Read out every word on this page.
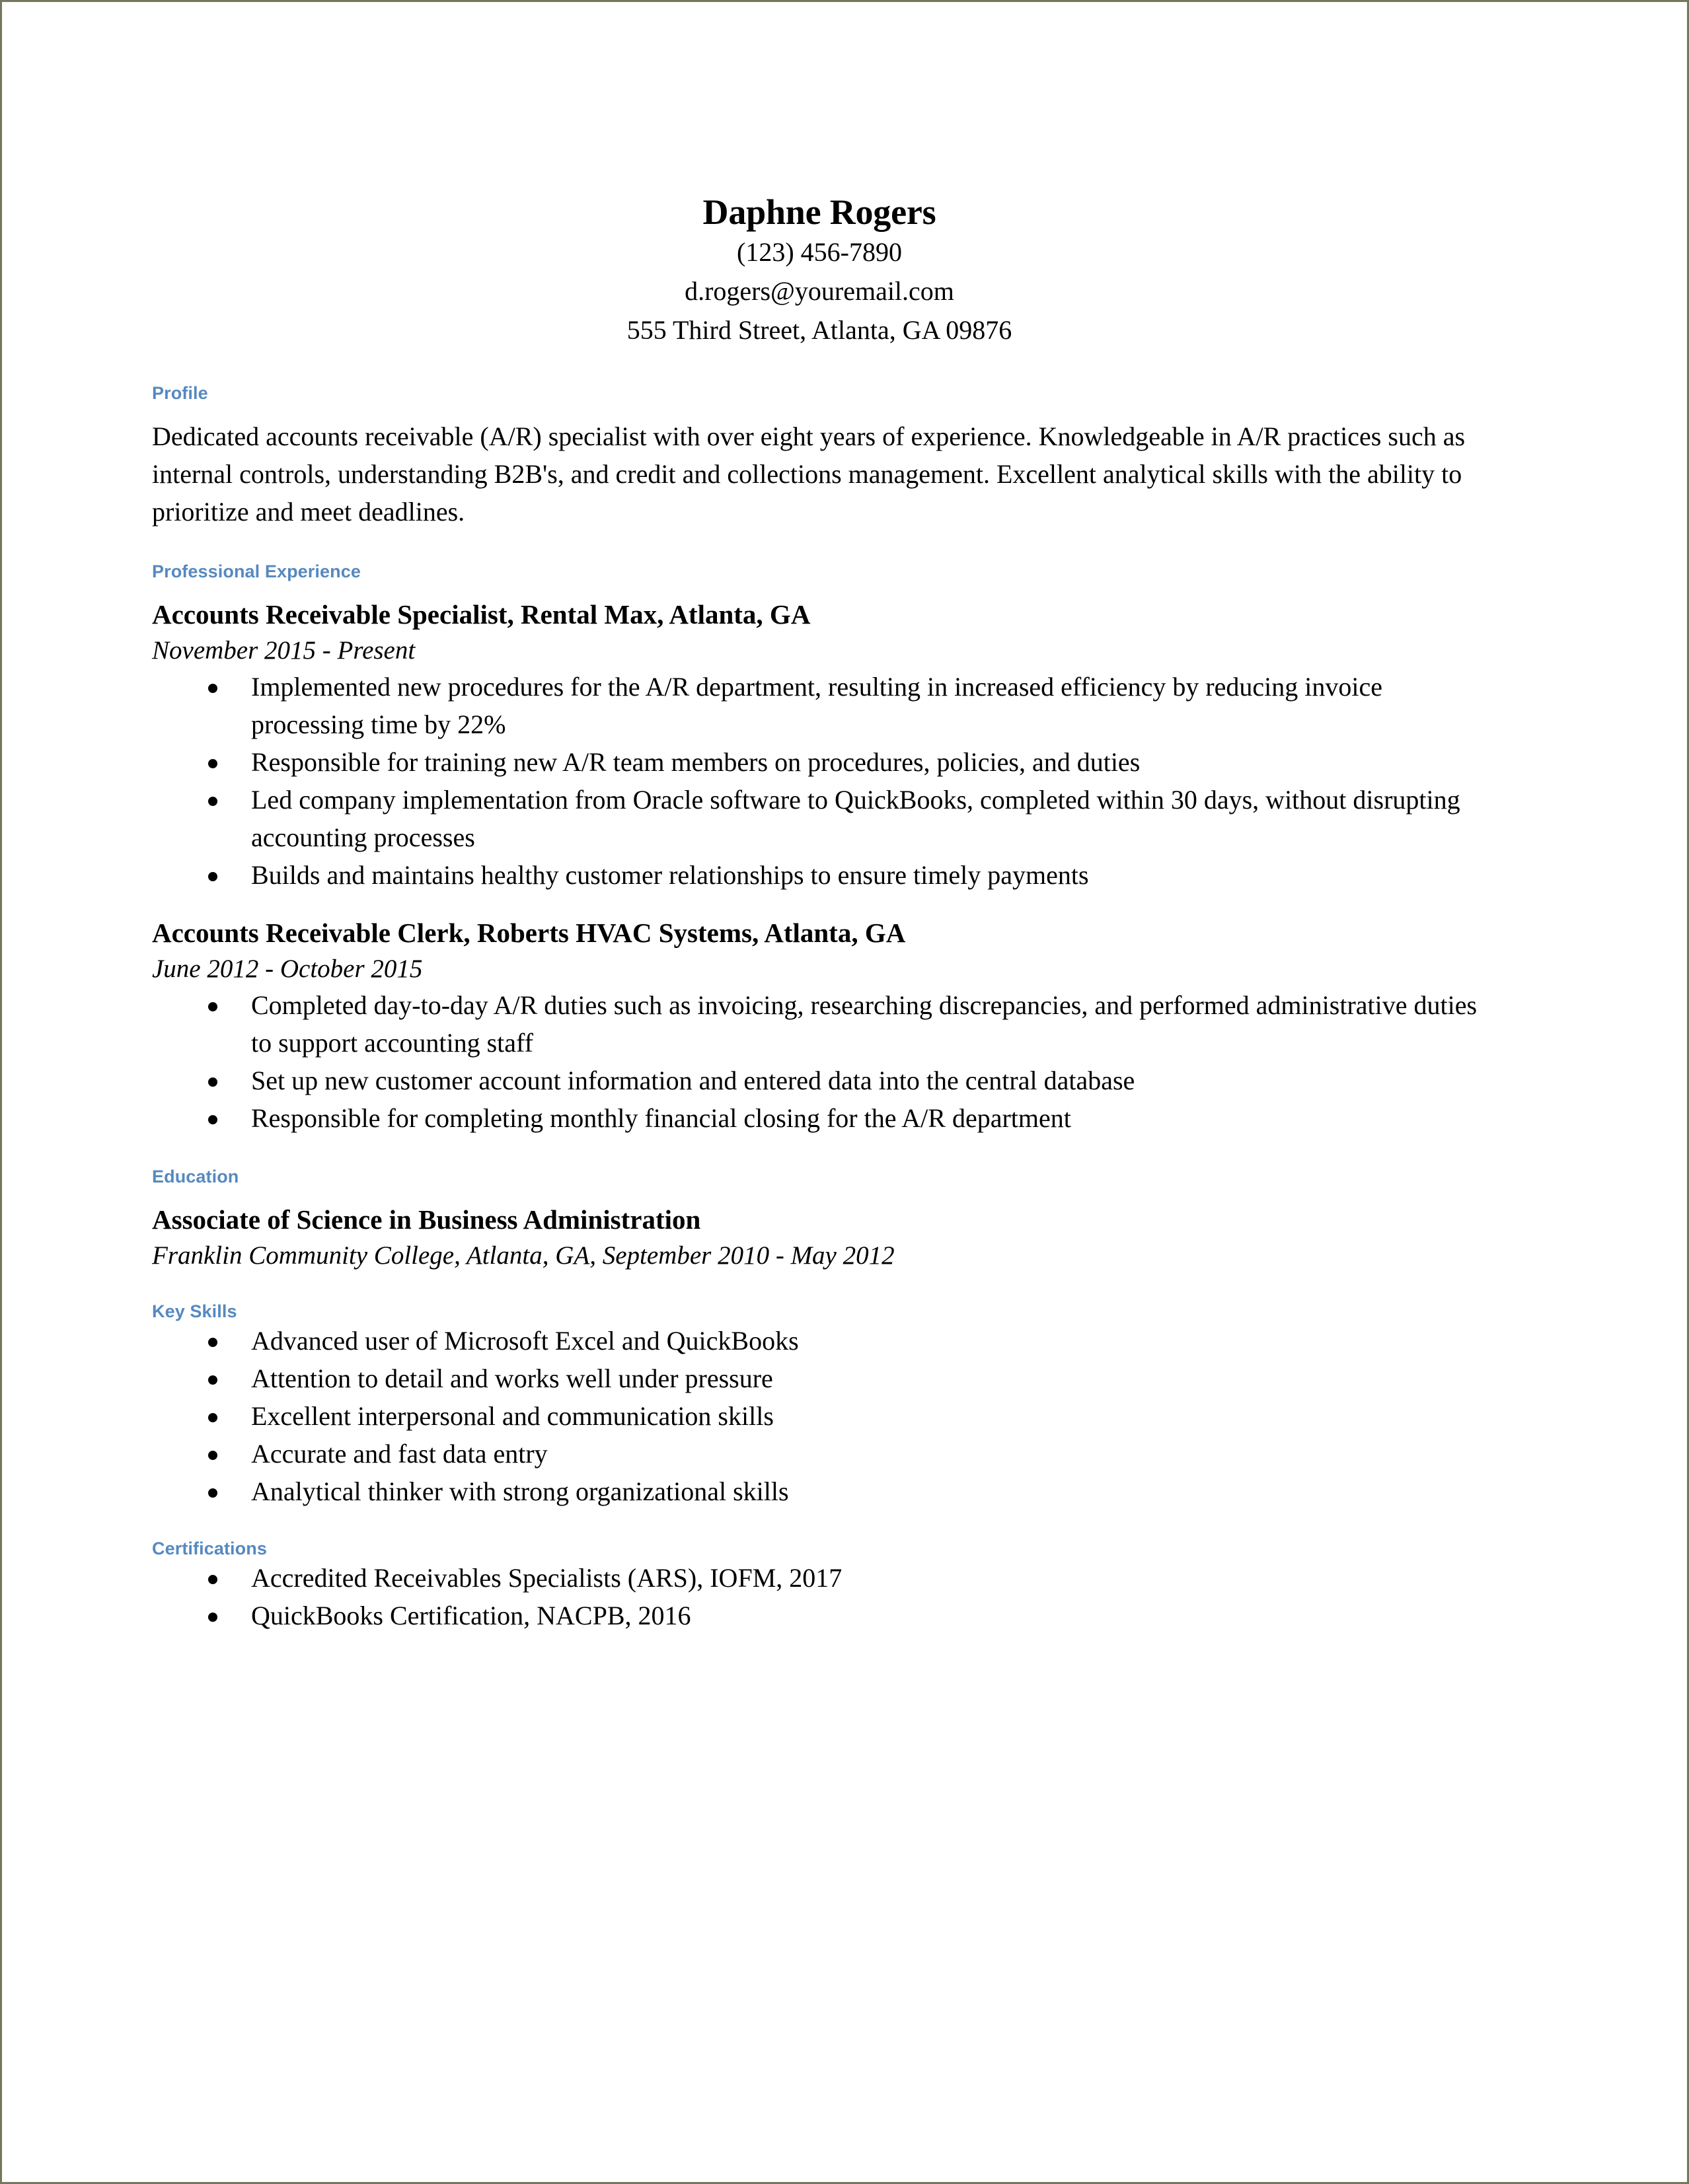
Daphne Rogers
(123) 456-7890
d.rogers@youremail.com
555 Third Street, Atlanta, GA 09876
Profile
Dedicated accounts receivable (A/R) specialist with over eight years of experience. Knowledgeable in A/R practices such as internal controls, understanding B2B's, and credit and collections management. Excellent analytical skills with the ability to prioritize and meet deadlines.
Professional Experience
Accounts Receivable Specialist, Rental Max, Atlanta, GA
November 2015 - Present
Implemented new procedures for the A/R department, resulting in increased efficiency by reducing invoice processing time by 22%
Responsible for training new A/R team members on procedures, policies, and duties
Led company implementation from Oracle software to QuickBooks, completed within 30 days, without disrupting accounting processes
Builds and maintains healthy customer relationships to ensure timely payments
Accounts Receivable Clerk, Roberts HVAC Systems, Atlanta, GA
June 2012 - October 2015
Completed day-to-day A/R duties such as invoicing, researching discrepancies, and performed administrative duties to support accounting staff
Set up new customer account information and entered data into the central database
Responsible for completing monthly financial closing for the A/R department
Education
Associate of Science in Business Administration
Franklin Community College, Atlanta, GA, September 2010 - May 2012
Key Skills
Advanced user of Microsoft Excel and QuickBooks
Attention to detail and works well under pressure
Excellent interpersonal and communication skills
Accurate and fast data entry
Analytical thinker with strong organizational skills
Certifications
Accredited Receivables Specialists (ARS), IOFM, 2017
QuickBooks Certification, NACPB, 2016
